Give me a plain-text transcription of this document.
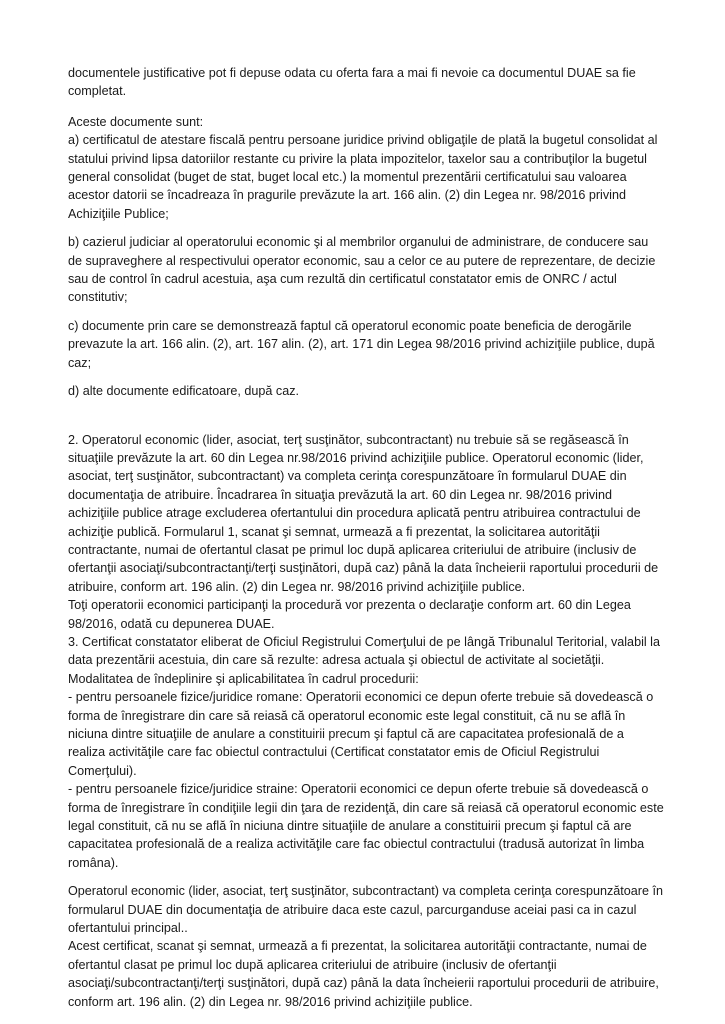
documentele justificative pot fi depuse odata cu oferta fara a mai fi nevoie ca documentul DUAE sa fie completat.

Aceste documente sunt:

a) certificatul de atestare fiscală pentru persoane juridice privind obligaţile de plată la bugetul consolidat al statului privind lipsa datoriilor restante cu privire la plata impozitelor, taxelor sau a contribuţilor la bugetul general consolidat (buget de stat, buget local etc.) la momentul prezentării certificatului sau valoarea acestor datorii se încadreaza în pragurile prevăzute la art. 166 alin. (2) din Legea nr. 98/2016 privind Achiziţiile Publice;

b) cazierul judiciar al operatorului economic şi al membrilor organului de administrare, de conducere sau de supraveghere al respectivului operator economic, sau a celor ce au putere de reprezentare, de decizie sau de control în cadrul acestuia, aşa cum rezultă din certificatul constatator emis de ONRC / actul constitutiv;

c) documente prin care se demonstrează faptul că operatorul economic poate beneficia de derogările prevazute la art. 166 alin. (2), art. 167 alin. (2), art. 171 din Legea 98/2016 privind achiziţiile publice, după caz;

d) alte documente edificatoare, după caz.

2. Operatorul economic (lider, asociat, terţ susţinător, subcontractant) nu trebuie să se regăsească în situaţiile prevăzute la art. 60 din Legea nr.98/2016 privind achiziţiile publice. Operatorul economic (lider, asociat, terţ susţinător, subcontractant) va completa cerinţa corespunzătoare în formularul DUAE din documentaţia de atribuire. Încadrarea în situaţia prevăzută la art. 60 din Legea nr. 98/2016 privind achiziţiile publice atrage excluderea ofertantului din procedura aplicată pentru atribuirea contractului de achiziţie publică. Formularul 1, scanat şi semnat, urmează a fi prezentat, la solicitarea autorităţii contractante, numai de ofertantul clasat pe primul loc după aplicarea criteriului de atribuire (inclusiv de ofertanţii asociaţi/subcontractanţi/terţi susţinători, după caz) până la data încheierii raportului procedurii de atribuire, conform art. 196 alin. (2) din Legea nr. 98/2016 privind achiziţiile publice.

Toţi operatorii economici participanţi la procedură vor prezenta o declaraţie conform art. 60 din Legea 98/2016, odată cu depunerea DUAE.

3. Certificat constatator eliberat de Oficiul Registrului Comerţului de pe lângă Tribunalul Teritorial, valabil la data prezentării acestuia, din care să rezulte: adresa actuala şi obiectul de activitate al societăţii.

Modalitatea de îndeplinire şi aplicabilitatea în cadrul procedurii:

- pentru persoanele fizice/juridice romane: Operatorii economici ce depun oferte trebuie să dovedească o forma de înregistrare din care să reiasă că operatorul economic este legal constituit, că nu se află în niciuna dintre situaţiile de anulare a constituirii precum şi faptul că are capacitatea profesională de a realiza activităţile care fac obiectul contractului (Certificat constatator emis de Oficiul Registrului Comerţului).

- pentru persoanele fizice/juridice straine: Operatorii economici ce depun oferte trebuie să dovedească o forma de înregistrare în condiţiile legii din ţara de rezidenţă, din care să reiasă că operatorul economic este legal constituit, că nu se află în niciuna dintre situaţiile de anulare a constituirii precum şi faptul că are capacitatea profesională de a realiza activităţile care fac obiectul contractului (tradusă autorizat în limba româna).

Operatorul economic (lider, asociat, terţ susţinător, subcontractant) va completa cerinţa corespunzătoare în formularul DUAE din documentaţia de atribuire daca este cazul, parcurganduse aceiai pasi ca in cazul ofertantului principal..

Acest certificat, scanat şi semnat, urmează a fi prezentat, la solicitarea autorităţii contractante, numai de ofertantul clasat pe primul loc după aplicarea criteriului de atribuire (inclusiv de ofertanţii asociaţi/subcontractanţi/terţi susţinători, după caz) până la data încheierii raportului procedurii de atribuire, conform art. 196 alin. (2) din Legea nr. 98/2016 privind achiziţiile publice.
